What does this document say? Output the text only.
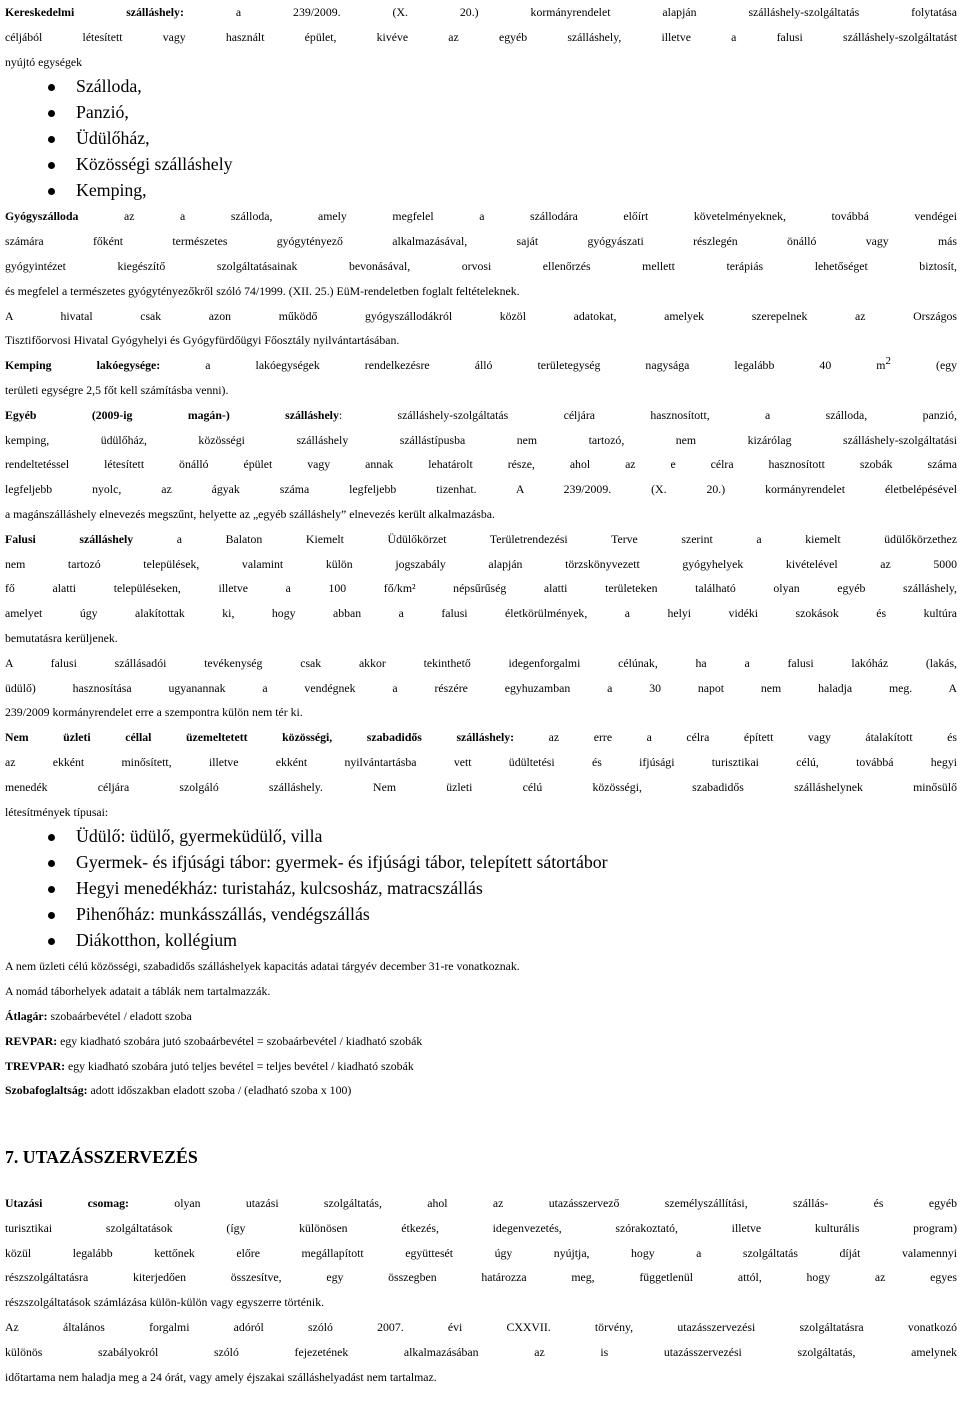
Kereskedelmi szálláshely: a 239/2009. (X. 20.) kormányrendelet alapján szálláshely-szolgáltatás folytatása
céljából létesített vagy használt épület, kivéve az egyéb szálláshely, illetve a falusi szálláshely-szolgáltatást
nyújtó egységek
Szálloda,
Panzió,
Üdülőház,
Közösségi szálláshely
Kemping,
Gyógyszálloda az a szálloda, amely megfelel a szállodára előírt követelményeknek, továbbá vendégei
számára főként természetes gyógytényező alkalmazásával, saját gyógyászati részlegén önálló vagy más
gyógyintézet kiegészítő szolgáltatásainak bevonásával, orvosi ellenőrzés mellett terápiás lehetőséget biztosít,
és megfelel a természetes gyógytényezőkről szóló 74/1999. (XII. 25.) EüM-rendeletben foglalt feltételeknek.
A hivatal csak azon működő gyógyszállodákról közöl adatokat, amelyek szerepelnek az Országos
Tisztifőorvosi Hivatal Gyógyhelyi és Gyógyfürdőügyi Főosztály nyilvántartásában.
Kemping lakóegysége: a lakóegységek rendelkezésre álló területegység nagysága legalább 40 $m^2$ (egy
területi egységre 2,5 főt kell számításba venni).
Egyéb (2009-ig magán-) szálláshely: szálláshely-szolgáltatás céljára hasznosított, a szálloda, panzió,
kemping, üdülőház, közösségi szálláshely szállástípusba nem tartozó, nem kizárólag szálláshely-szolgáltatási
rendeltetéssel létesített önálló épület vagy annak lehatárolt része, ahol az e célra hasznosított szobák száma
legfeljebb nyolc, az ágyak száma legfeljebb tizenhat. A 239/2009. (X. 20.) kormányrendelet életbelépésével
a magánszálláshely elnevezés megszűnt, helyette az „egyéb szálláshely” elnevezés került alkalmazásba.
Falusi szálláshely a Balaton Kiemelt Üdülőkörzet Területrendezési Terve szerint a kiemelt üdülőkörzethez
nem tartozó települések, valamint külön jogszabály alapján törzskönyvezett gyógyhelyek kivételével az 5000
fő alatti településeken, illetve a 100 fő/km² népsűrűség alatti területeken található olyan egyéb szálláshely,
amelyet úgy alakítottak ki, hogy abban a falusi életkörülmények, a helyi vidéki szokások és kultúra
bemutatásra kerüljenek.
A falusi szállásadói tevékenység csak akkor tekinthető idegenforgalmi célúnak, ha a falusi lakóház (lakás,
üdülő) hasznosítása ugyanannak a vendégnek a részére egyhuzamban a 30 napot nem haladja meg. A
239/2009 kormányrendelet erre a szempontra külön nem tér ki.
Nem üzleti céllal üzemeltetett közösségi, szabadidős szálláshely: az erre a célra épített vagy átalakított és
az ekként minősített, illetve ekként nyilvántartásba vett üdültetési és ifjúsági turisztikai célú, továbbá hegyi
menedék céljára szolgáló szálláshely. Nem üzleti célú közösségi, szabadidős szálláshelynek minősülő
létesítmények típusai:
Üdülő: üdülő, gyermeküdülő, villa
Gyermek- és ifjúsági tábor: gyermek- és ifjúsági tábor, telepített sátortábor
Hegyi menedékház: turistaház, kulcsosház, matracszállás
Pihenőház: munkásszállás, vendégszállás
Diákotthon, kollégium
A nem üzleti célú közösségi, szabadidős szálláshelyek kapacitás adatai tárgyév december 31-re vonatkoznak.
A nomád táborhelyek adatait a táblák nem tartalmazzák.
Átlagár: szobaárbevétel / eladott szoba
REVPAR: egy kiadható szobára jutó szobaárbevétel = szobaárbevétel / kiadható szobák
TREVPAR: egy kiadható szobára jutó teljes bevétel = teljes bevétel / kiadható szobák
Szobafoglaltság: adott időszakban eladott szoba / (eladható szoba x 100)
7. UTAZÁSSZERVEZÉS
Utazási csomag: olyan utazási szolgáltatás, ahol az utazásszervező személyszállítási, szállás- és egyéb
turisztikai szolgáltatások (így különösen étkezés, idegenvezetés, szórakoztató, illetve kulturális program)
közül legalább kettőnek előre megállapított együttesét úgy nyújtja, hogy a szolgáltatás díját valamennyi
részszolgáltatásra kiterjedően összesítve, egy összegben határozza meg, függetlenül attól, hogy az egyes
részszolgáltatások számlázása külön-külön vagy egyszerre történik.
Az általános forgalmi adóról szóló 2007. évi CXXVII. törvény, utazásszervezési szolgáltatásra vonatkozó
különös szabályokról szóló fejezetének alkalmazásában az is utazásszervezési szolgáltatás, amelynek
időtartama nem haladja meg a 24 órát, vagy amely éjszakai szálláshelyadást nem tartalmaz.
